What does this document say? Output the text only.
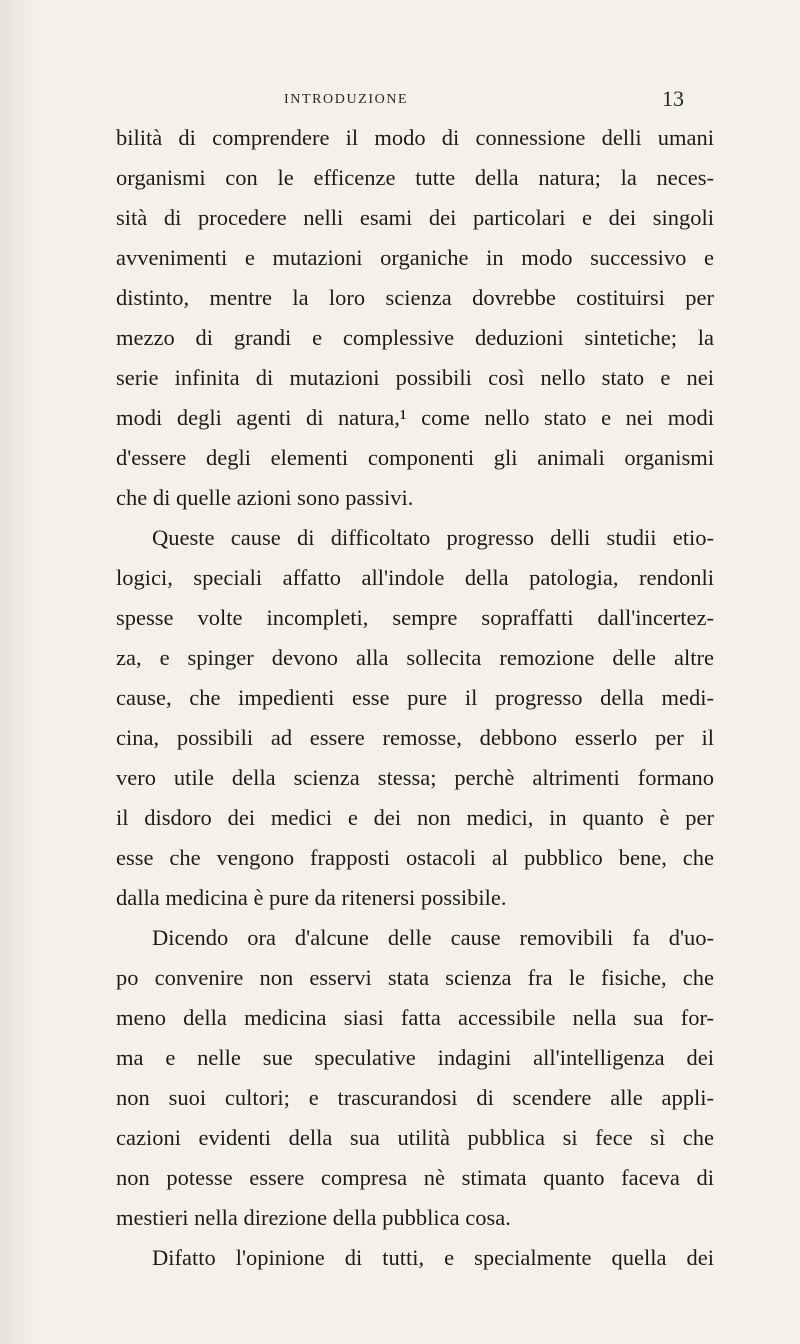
INTRODUZIONE	13
bilità di comprendere il modo di connessione delli umani
organismi con le efficenze tutte della natura; la neces-
sità di procedere nelli esami dei particolari e dei singoli
avvenimenti e mutazioni organiche in modo successivo e
distinto, mentre la loro scienza dovrebbe costituirsi per
mezzo di grandi e complessive deduzioni sintetiche; la
serie infinita di mutazioni possibili così nello stato e nei
modi degli agenti di natura,¹ come nello stato e nei modi
d'essere degli elementi componenti gli animali organismi
che di quelle azioni sono passivi.
Queste cause di difficoltato progresso delli studii etio-
logici, speciali affatto all'indole della patologia, rendonli
spesse volte incompleti, sempre sopraffatti dall'incertez-
za, e spinger devono alla sollecita remozione delle altre
cause, che impedienti esse pure il progresso della medi-
cina, possibili ad essere remosse, debbono esserlo per il
vero utile della scienza stessa; perchè altrimenti formano
il disdoro dei medici e dei non medici, in quanto è per
esse che vengono frapposti ostacoli al pubblico bene, che
dalla medicina è pure da ritenersi possibile.
Dicendo ora d'alcune delle cause removibili fa d'uo-
po convenire non esservi stata scienza fra le fisiche, che
meno della medicina siasi fatta accessibile nella sua for-
ma e nelle sue speculative indagini all'intelligenza dei
non suoi cultori; e trascurandosi di scendere alle appli-
cazioni evidenti della sua utilità pubblica si fece sì che
non potesse essere compresa nè stimata quanto faceva di
mestieri nella direzione della pubblica cosa.
Difatto l'opinione di tutti, e specialmente quella dei
